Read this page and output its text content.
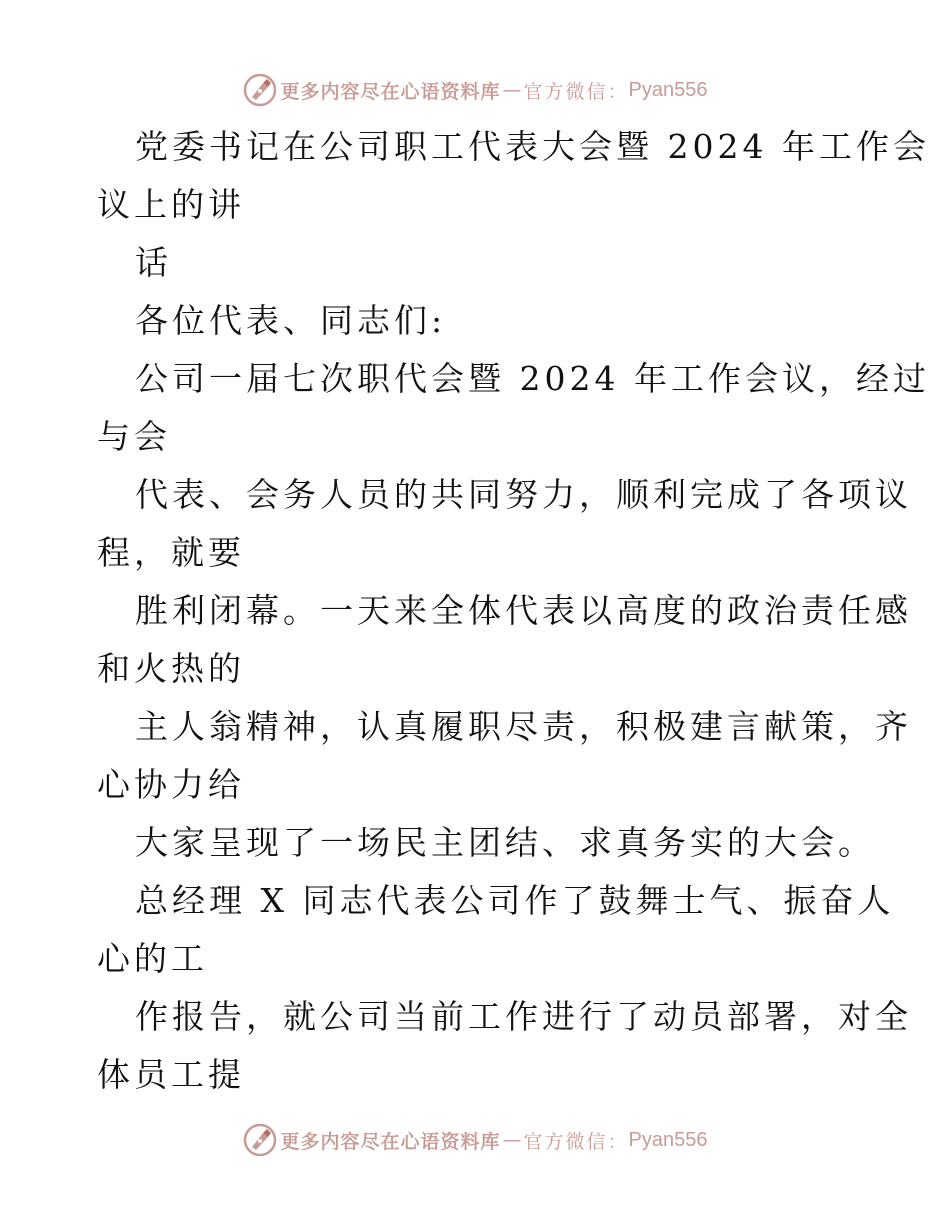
更多内容尽在心语资料库 — 官方微信： Pyan556
党委书记在公司职工代表大会暨 2024 年工作会
议上的讲
话
各位代表、同志们:
公司一届七次职代会暨 2024 年工作会议，经过
与会
代表、会务人员的共同努力，顺利完成了各项议
程，就要
胜利闭幕。一天来全体代表以高度的政治责任感
和火热的
主人翁精神，认真履职尽责，积极建言献策，齐
心协力给
大家呈现了一场民主团结、求真务实的大会。
总经理 X 同志代表公司作了鼓舞士气、振奋人
心的工
作报告，就公司当前工作进行了动员部署，对全
体员工提
更多内容尽在心语资料库 — 官方微信： Pyan556
